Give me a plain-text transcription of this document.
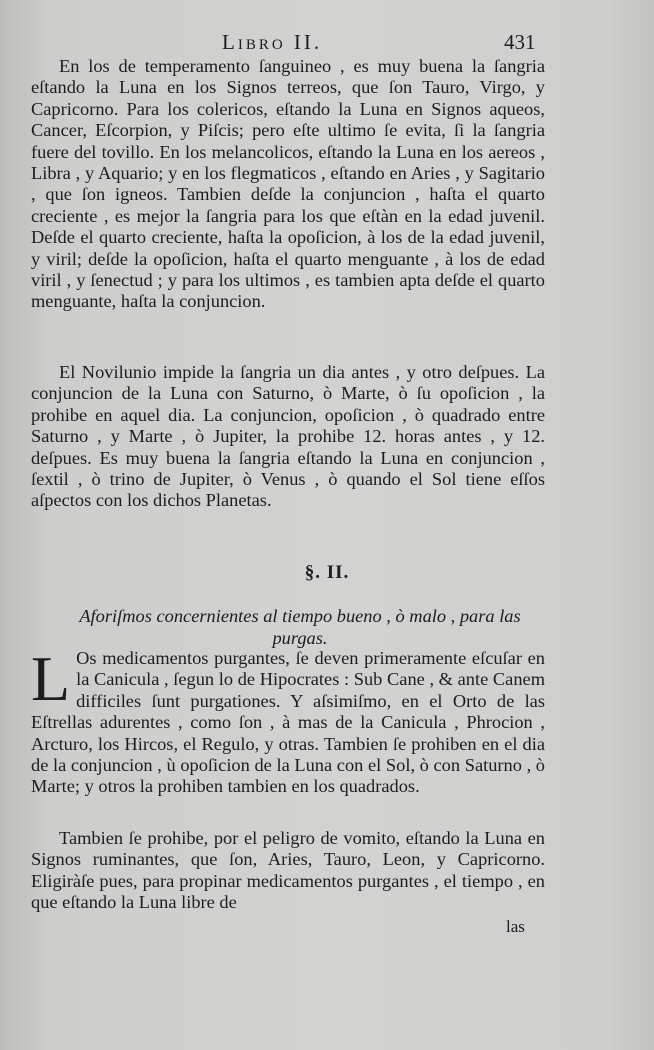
Libro II.	431

En los de temperamento ſanguineo , es muy buena la ſangria eſtando la Luna en los Signos terreos, que ſon Tauro, Virgo, y Capricorno. Para los colericos, eſtando la Luna en Signos aqueos, Cancer, Eſcorpion, y Piſcis; pero eſte ultimo ſe evita, ſi la ſangria fuere del tovillo. En los melancolicos, eſtando la Luna en los aereos , Libra , y Aquario; y en los flegmaticos , eſtando en Aries , y Sagitario , que ſon igneos. Tambien deſde la conjuncion , haſta el quarto creciente , es mejor la ſangria para los que eſtàn en la edad juvenil. Deſde el quarto creciente, haſta la opoſicion, à los de la edad juvenil, y viril; deſde la opoſicion, haſta el quarto menguante , à los de edad viril , y ſenectud ; y para los ultimos , es tambien apta deſde el quarto menguante, haſta la conjuncion.

El Novilunio impide la ſangria un dia antes , y otro deſpues. La conjuncion de la Luna con Saturno, ò Marte, ò ſu opoſicion , la prohibe en aquel dia. La conjuncion, opoſicion , ò quadrado entre Saturno , y Marte , ò Jupiter, la prohibe 12. horas antes , y 12. deſpues. Es muy buena la ſangria eſtando la Luna en conjuncion , ſextil , ò trino de Jupiter, ò Venus , ò quando el Sol tiene eſſos aſpectos con los dichos Planetas.

§. II.

Aforiſmos concernientes al tiempo bueno , ò malo , para las purgas.

L Os medicamentos purgantes, ſe deven primeramente eſcuſar en la Canicula , ſegun lo de Hipocrates : Sub Cane , & ante Canem difficiles ſunt purgationes. Y aſsimiſmo, en el Orto de las Eſtrellas adurentes , como ſon , à mas de la Canicula , Phrocion , Arcturo, los Hircos, el Regulo, y otras. Tambien ſe prohiben en el dia de la conjuncion , ù opoſicion de la Luna con el Sol, ò con Saturno , ò Marte; y otros la prohiben tambien en los quadrados.

Tambien ſe prohibe, por el peligro de vomito, eſtando la Luna en Signos ruminantes, que ſon, Aries, Tauro, Leon, y Capricorno. Eligiràſe pues, para propinar medicamentos purgantes , el tiempo , en que eſtando la Luna libre de

las
